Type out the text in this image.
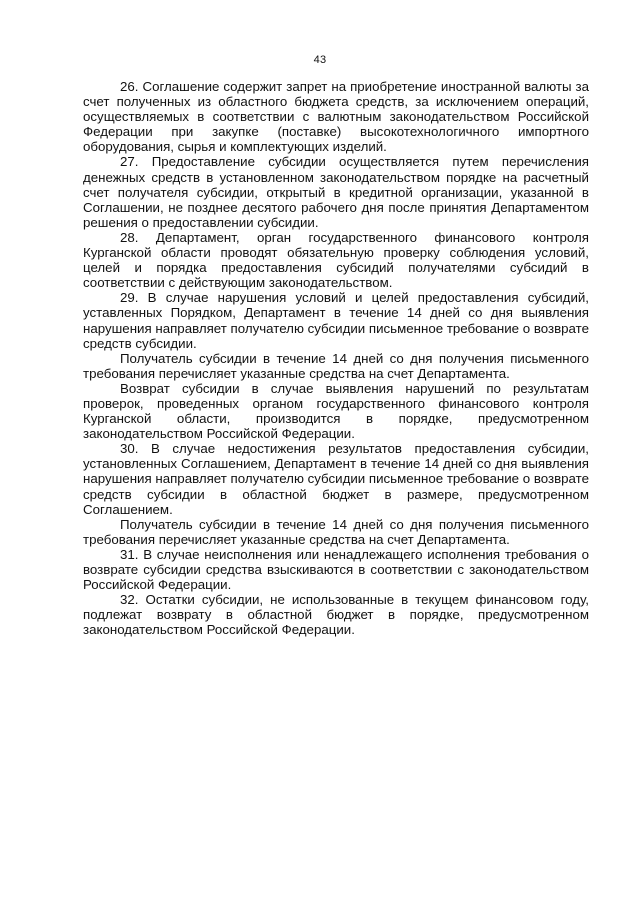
43

26. Соглашение содержит запрет на приобретение иностранной валюты за счет полученных из областного бюджета средств, за исключением операций, осуществляемых в соответствии с валютным законодательством Российской Федерации при закупке (поставке) высокотехнологичного импортного оборудования, сырья и комплектующих изделий.

27. Предоставление субсидии осуществляется путем перечисления денежных средств в установленном законодательством порядке на расчетный счет получателя субсидии, открытый в кредитной организации, указанной в Соглашении, не позднее десятого рабочего дня после принятия Департаментом решения о предоставлении субсидии.

28. Департамент, орган государственного финансового контроля Курганской области проводят обязательную проверку соблюдения условий, целей и порядка предоставления субсидий получателями субсидий в соответствии с действующим законодательством.

29. В случае нарушения условий и целей предоставления субсидий, уставленных Порядком, Департамент в течение 14 дней со дня выявления нарушения направляет получателю субсидии письменное требование о возврате средств субсидии.

Получатель субсидии в течение 14 дней со дня получения письменного требования перечисляет указанные средства на счет Департамента.

Возврат субсидии в случае выявления нарушений по результатам проверок, проведенных органом государственного финансового контроля Курганской области, производится в порядке, предусмотренном законодательством Российской Федерации.

30. В случае недостижения результатов предоставления субсидии, установленных Соглашением, Департамент в течение 14 дней со дня выявления нарушения направляет получателю субсидии письменное требование о возврате средств субсидии в областной бюджет в размере, предусмотренном Соглашением.

Получатель субсидии в течение 14 дней со дня получения письменного требования перечисляет указанные средства на счет Департамента.

31. В случае неисполнения или ненадлежащего исполнения требования о возврате субсидии средства взыскиваются в соответствии с законодательством Российской Федерации.

32. Остатки субсидии, не использованные в текущем финансовом году, подлежат возврату в областной бюджет в порядке, предусмотренном законодательством Российской Федерации.
